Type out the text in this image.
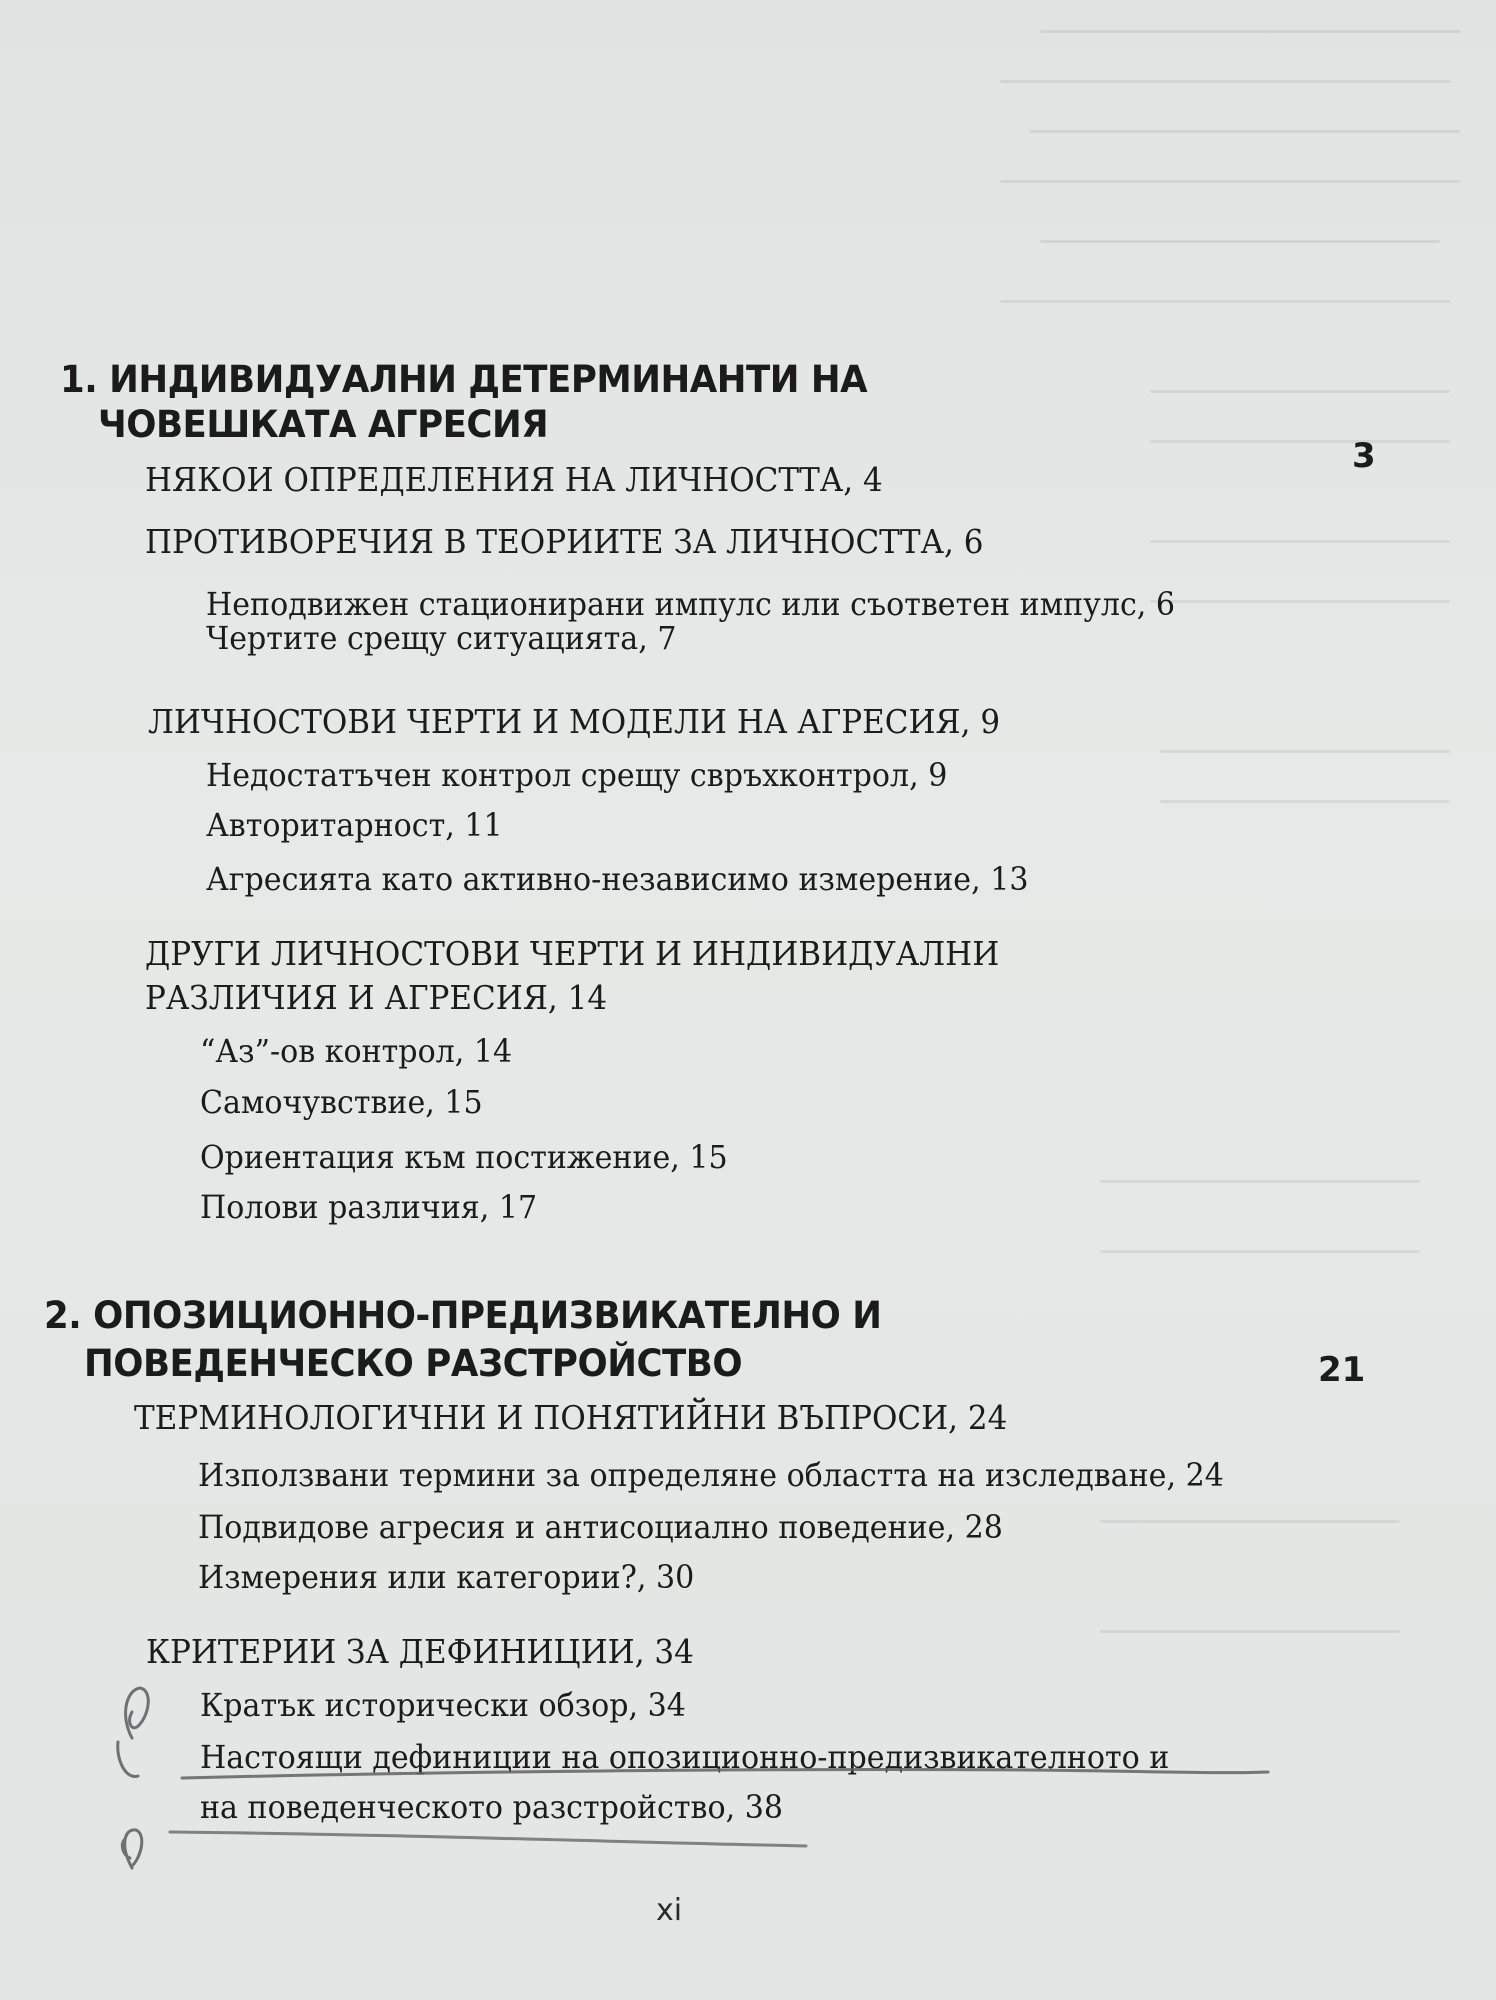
1. ИНДИВИДУАЛНИ ДЕТЕРМИНАНТИ НА
ЧОВЕШКАТА АГРЕСИЯ
3
НЯКОИ ОПРЕДЕЛЕНИЯ НА ЛИЧНОСТТА, 4
ПРОТИВОРЕЧИЯ В ТЕОРИИТЕ ЗА ЛИЧНОСТТА, 6
Неподвижен стационирани импулс или съответен импулс, 6
Чертите срещу ситуацията, 7
ЛИЧНОСТОВИ ЧЕРТИ И МОДЕЛИ НА АГРЕСИЯ, 9
Недостатъчен контрол срещу свръхконтрол, 9
Авторитарност, 11
Агресията като активно-независимо измерение, 13
ДРУГИ ЛИЧНОСТОВИ ЧЕРТИ И ИНДИВИДУАЛНИ
РАЗЛИЧИЯ И АГРЕСИЯ, 14
“Аз”-ов контрол, 14
Самочувствие, 15
Ориентация към постижение, 15
Полови различия, 17
2. ОПОЗИЦИОННО-ПРЕДИЗВИКАТЕЛНО И
ПОВЕДЕНЧЕСКО РАЗСТРОЙСТВО	21
ТЕРМИНОЛОГИЧНИ И ПОНЯТИЙНИ ВЪПРОСИ, 24
Използвани термини за определяне областта на изследване, 24
Подвидове агресия и антисоциално поведение, 28
Измерения или категории?, 30
КРИТЕРИИ ЗА ДЕФИНИЦИИ, 34
Кратък исторически обзор, 34
Настоящи дефиниции на опозиционно-предизвикателното и
на поведенческото разстройство, 38
xi
